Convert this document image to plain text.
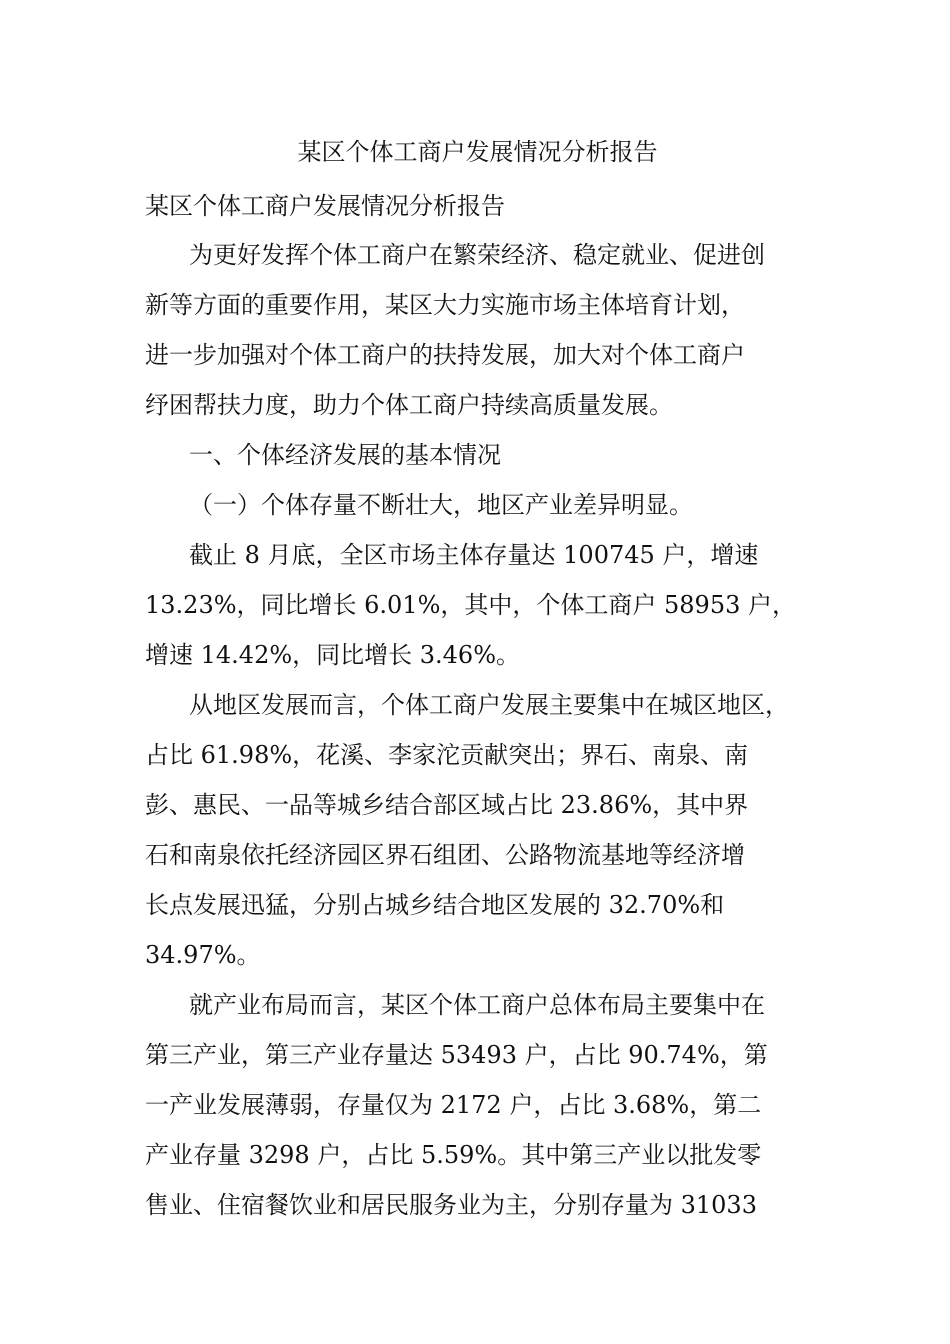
某区个体工商户发展情况分析报告
某区个体工商户发展情况分析报告
为更好发挥个体工商户在繁荣经济、稳定就业、促进创
新等方面的重要作用，某区大力实施市场主体培育计划，
进一步加强对个体工商户的扶持发展，加大对个体工商户
纾困帮扶力度，助力个体工商户持续高质量发展。
一、个体经济发展的基本情况
（一）个体存量不断壮大，地区产业差异明显。
截止 8 月底，全区市场主体存量达 100745 户，增速
13.23%，同比增长 6.01%，其中，个体工商户 58953 户，
增速 14.42%，同比增长 3.46%。
从地区发展而言，个体工商户发展主要集中在城区地区，
占比 61.98%，花溪、李家沱贡献突出；界石、南泉、南
彭、惠民、一品等城乡结合部区域占比 23.86%，其中界
石和南泉依托经济园区界石组团、公路物流基地等经济增
长点发展迅猛，分别占城乡结合地区发展的 32.70%和
34.97%。
就产业布局而言，某区个体工商户总体布局主要集中在
第三产业，第三产业存量达 53493 户，占比 90.74%，第
一产业发展薄弱，存量仅为 2172 户，占比 3.68%，第二
产业存量 3298 户，占比 5.59%。其中第三产业以批发零
售业、住宿餐饮业和居民服务业为主，分别存量为 31033
